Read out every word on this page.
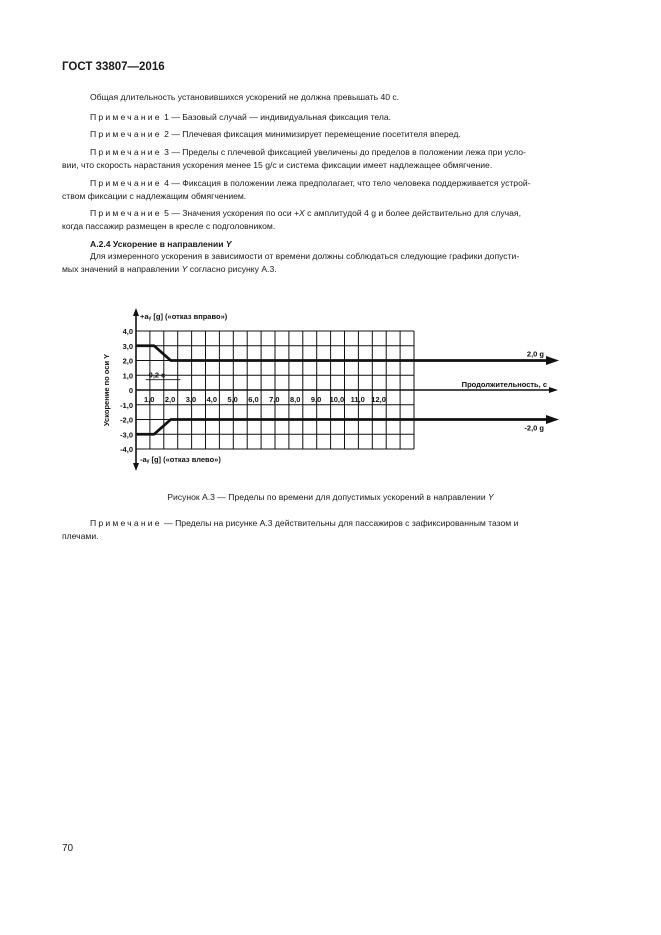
ГОСТ 33807—2016
Общая длительность установившихся ускорений не должна превышать 40 с.
Примечание 1 — Базовый случай — индивидуальная фиксация тела.
Примечание 2 — Плечевая фиксация минимизирует перемещение посетителя вперед.
Примечание 3 — Пределы с плечевой фиксацией увеличены до пределов в положении лежа при усло-
вии, что скорость нарастания ускорения менее 15 g/с и система фиксации имеет надлежащее обмягчение.
Примечание 4 — Фиксация в положении лежа предполагает, что тело человека поддерживается устрой-
ством фиксации с надлежащим обмягчением.
Примечание 5 — Значения ускорения по оси +X с амплитудой 4 g и более действительно для случая,
когда пассажир размещен в кресле с подголовником.
А.2.4 Ускорение в направлении Y
Для измеренного ускорения в зависимости от времени должны соблюдаться следующие графики допусти-
мых значений в направлении Y согласно рисунку А.3.
4,0
3,0
2,0
1,0
0
-1,0
-2,0
-3,0
-4,0
1,0 2,0 3,0 4,0 5,0 6,0 7,0 8,0 9,0 10,0 11,0 12,0
+aᵧ [g] («отказ вправо»)
-aᵧ [g] («отказ влево»)
Ускорение по оси Y	Продолжительность, с
0,2 с
2,0 g
-2,0 g
Рисунок А.3 — Пределы по времени для допустимых ускорений в направлении Y
Примечание — Пределы на рисунке А.3 действительны для пассажиров с зафиксированным тазом и
плечами.
70
